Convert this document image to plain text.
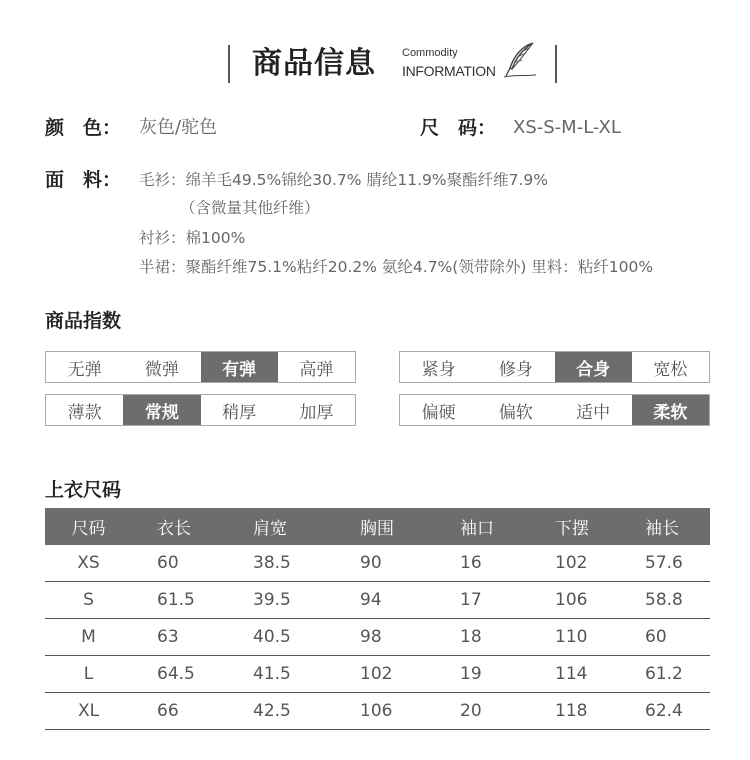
商品信息 Commodity
INFORMATION
颜　色： 灰色/驼色	尺　码： XS-S-M-L-XL
面　料： 毛衫：绵羊毛49.5%锦纶30.7% 腈纶11.9%聚酯纤维7.9%
（含微量其他纤维）
衬衫：棉100%
半裙：聚酯纤维75.1%粘纤20.2% 氨纶4.7%(领带除外) 里料：粘纤100%
商品指数
无弹	微弹	有弹	高弹	紧身	修身	合身	宽松
薄款	常规	稍厚	加厚	偏硬	偏软	适中	柔软
上衣尺码
尺码	衣长	肩宽	胸围	袖口	下摆	袖长
XS	60	38.5	90	16	102	57.6
S	61.5	39.5	94	17	106	58.8
M	63	40.5	98	18	110	60
L	64.5	41.5	102	19	114	61.2
XL	66	42.5	106	20	118	62.4
